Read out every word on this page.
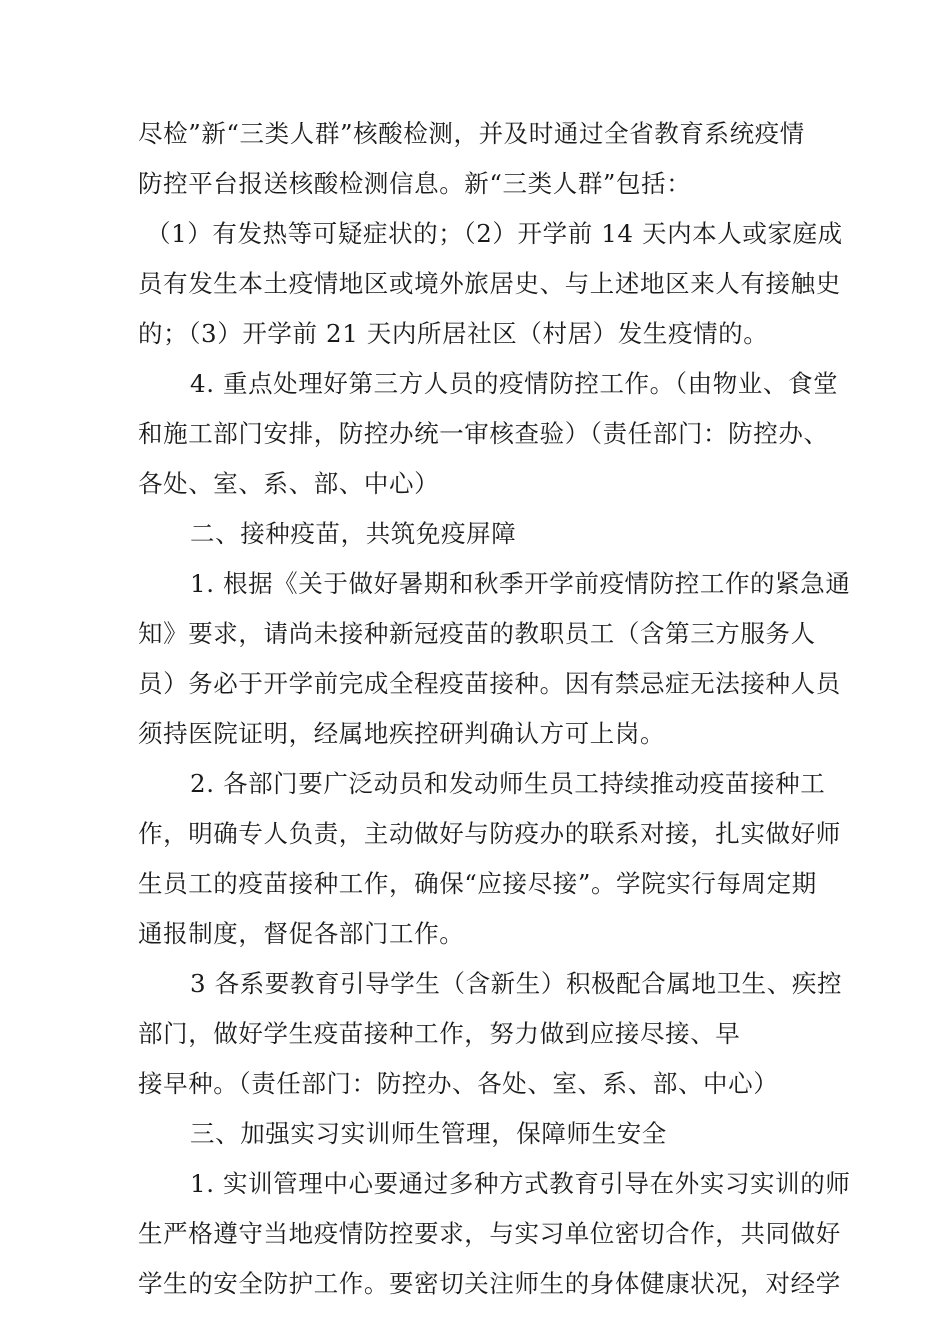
尽检”新“三类人群”核酸检测，并及时通过全省教育系统疫情
防控平台报送核酸检测信息。新“三类人群”包括：
（1）有发热等可疑症状的；（2）开学前 14 天内本人或家庭成
员有发生本土疫情地区或境外旅居史、与上述地区来人有接触史
的；（3）开学前 21 天内所居社区（村居）发生疫情的。
4. 重点处理好第三方人员的疫情防控工作。（由物业、食堂
和施工部门安排，防控办统一审核查验）（责任部门：防控办、
各处、室、系、部、中心）
二、接种疫苗，共筑免疫屏障
1. 根据《关于做好暑期和秋季开学前疫情防控工作的紧急通
知》要求，请尚未接种新冠疫苗的教职员工（含第三方服务人
员）务必于开学前完成全程疫苗接种。因有禁忌症无法接种人员
须持医院证明，经属地疾控研判确认方可上岗。
2. 各部门要广泛动员和发动师生员工持续推动疫苗接种工
作，明确专人负责，主动做好与防疫办的联系对接，扎实做好师
生员工的疫苗接种工作，确保“应接尽接”。学院实行每周定期
通报制度，督促各部门工作。
3 各系要教育引导学生（含新生）积极配合属地卫生、疾控
部门，做好学生疫苗接种工作，努力做到应接尽接、早
接早种。（责任部门：防控办、各处、室、系、部、中心）
三、加强实习实训师生管理，保障师生安全
1. 实训管理中心要通过多种方式教育引导在外实习实训的师
生严格遵守当地疫情防控要求，与实习单位密切合作，共同做好
学生的安全防护工作。要密切关注师生的身体健康状况，对经学
